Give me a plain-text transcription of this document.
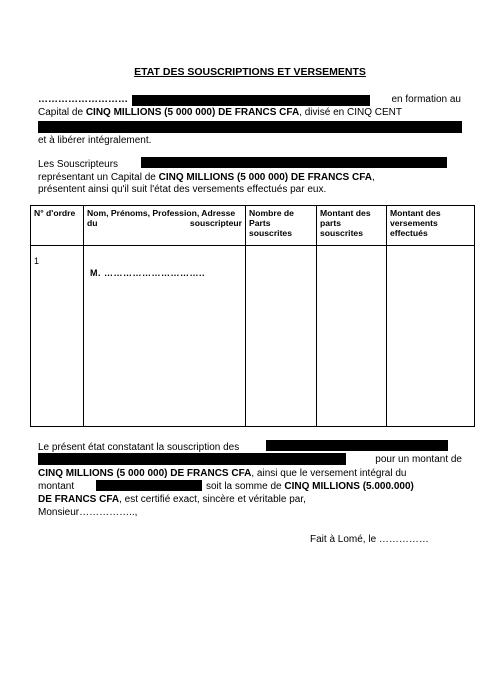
ETAT DES SOUSCRIPTIONS ET VERSEMENTS
………………………	en formation au
Capital de CINQ MILLIONS (5 000 000) DE FRANCS CFA, divisé en CINQ CENT
et à libérer intégralement.
Les Souscripteurs
représentant un Capital de CINQ MILLIONS (5 000 000) DE FRANCS CFA,
présentent ainsi qu'il suit l'état des versements effectués par eux.
N° d'ordre	Nom, Prénoms, Profession, Adresse du souscripteur	Nombre de Parts souscrites	Montant des parts souscrites	Montant des versements effectués
1	M. …………………………..			
Le présent état constatant la souscription des
pour un montant de
CINQ MILLIONS (5 000 000) DE FRANCS CFA, ainsi que le versement intégral du
montant	soit la somme de CINQ MILLIONS (5.000.000)
DE FRANCS CFA, est certifié exact, sincère et véritable par,
Monsieur……………..,
Fait à Lomé, le ……………
